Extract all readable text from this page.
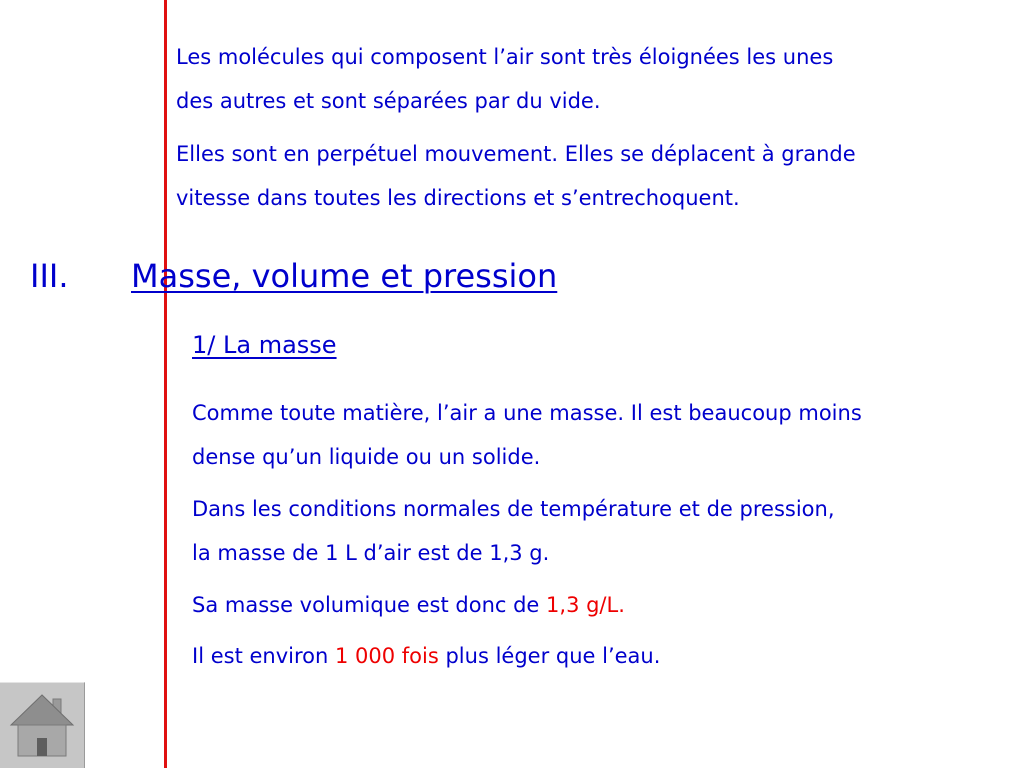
Les molécules qui composent l’air sont très éloignées les unes
des autres et sont séparées par du vide.

Elles sont en perpétuel mouvement. Elles se déplacent à grande
vitesse dans toutes les directions et s’entrechoquent.

III. Masse, volume et pression
1/ La masse

Comme toute matière, l’air a une masse. Il est beaucoup moins
dense qu’un liquide ou un solide.

Dans les conditions normales de température et de pression,
la masse de 1 L d’air est de 1,3 g.

Sa masse volumique est donc de 1,3 g/L.

Il est environ 1 000 fois plus léger que l’eau.
